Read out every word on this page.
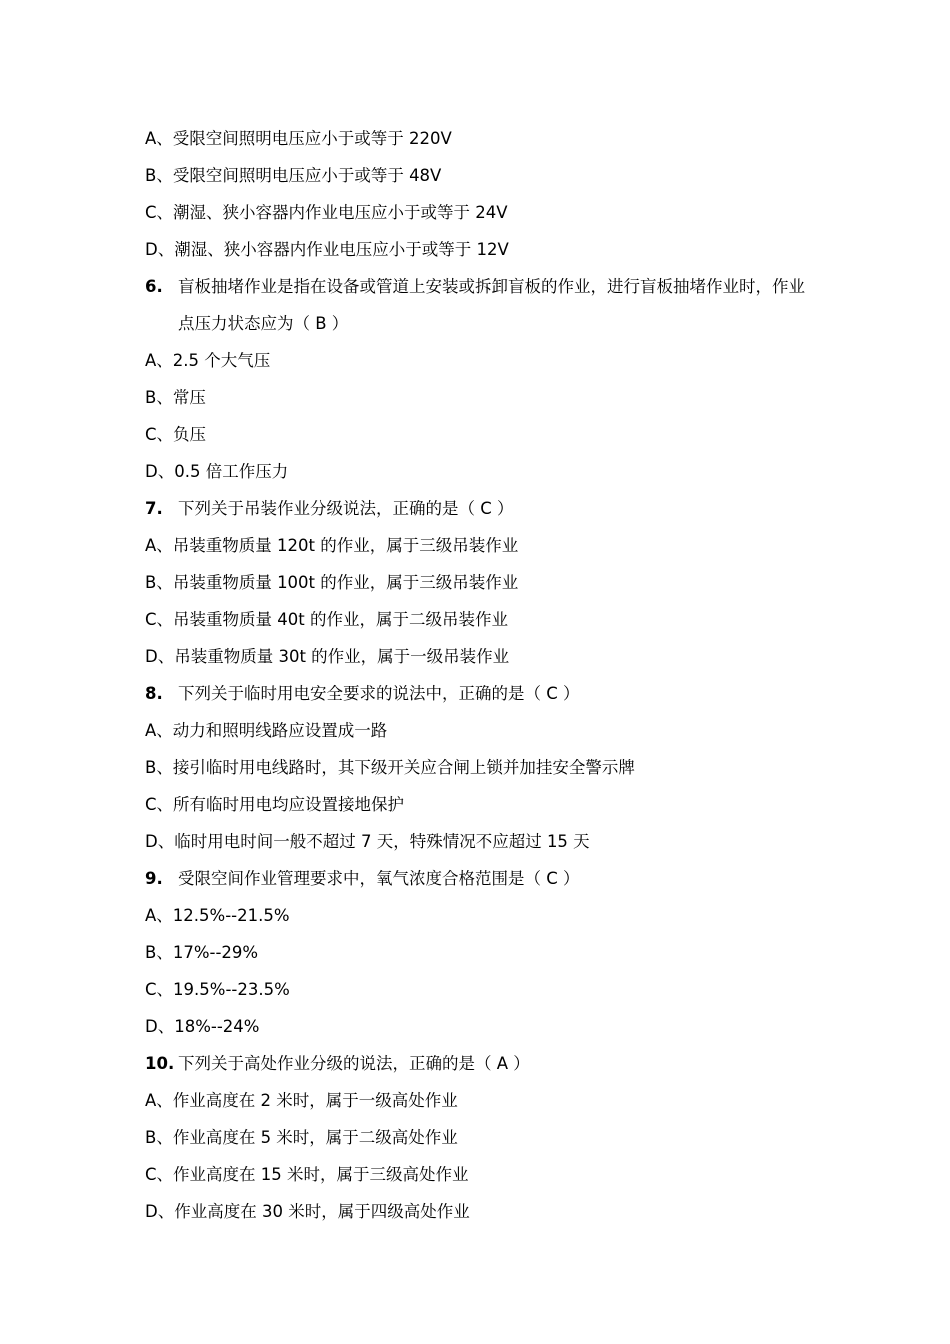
A、受限空间照明电压应小于或等于 220V
B、受限空间照明电压应小于或等于 48V
C、潮湿、狭小容器内作业电压应小于或等于 24V
D、潮湿、狭小容器内作业电压应小于或等于 12V
6. 盲板抽堵作业是指在设备或管道上安装或拆卸盲板的作业，进行盲板抽堵作业时，作业点压力状态应为（ B ）
A、2.5 个大气压
B、常压
C、负压
D、0.5 倍工作压力
7. 下列关于吊装作业分级说法，正确的是（ C ）
A、吊装重物质量 120t 的作业，属于三级吊装作业
B、吊装重物质量 100t 的作业，属于三级吊装作业
C、吊装重物质量 40t 的作业，属于二级吊装作业
D、吊装重物质量 30t 的作业，属于一级吊装作业
8. 下列关于临时用电安全要求的说法中，正确的是（ C ）
A、动力和照明线路应设置成一路
B、接引临时用电线路时，其下级开关应合闸上锁并加挂安全警示牌
C、所有临时用电均应设置接地保护
D、临时用电时间一般不超过 7 天，特殊情况不应超过 15 天
9. 受限空间作业管理要求中，氧气浓度合格范围是（ C ）
A、12.5%--21.5%
B、17%--29%
C、19.5%--23.5%
D、18%--24%
10. 下列关于高处作业分级的说法，正确的是（ A ）
A、作业高度在 2 米时，属于一级高处作业
B、作业高度在 5 米时，属于二级高处作业
C、作业高度在 15 米时，属于三级高处作业
D、作业高度在 30 米时，属于四级高处作业
